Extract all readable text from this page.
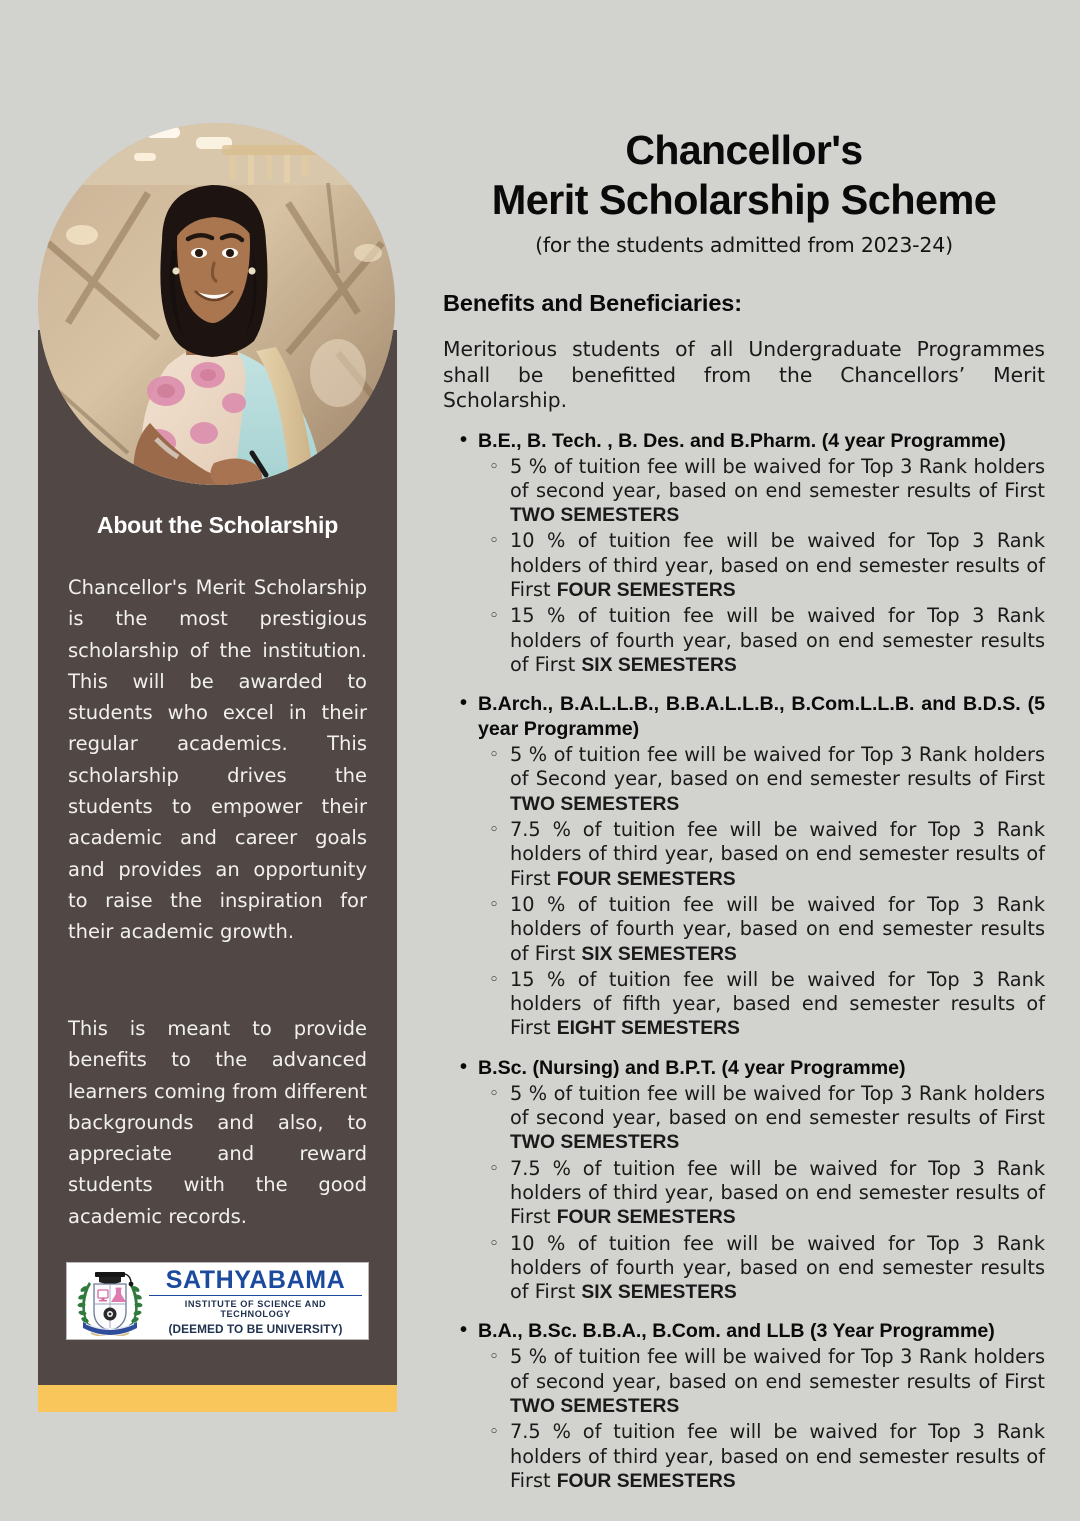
About the Scholarship
Chancellor's Merit Scholarship is the most prestigious scholarship of the institution. This will be awarded to students who excel in their regular academics. This scholarship drives the students to empower their academic and career goals and provides an opportunity to raise the inspiration for their academic growth.
This is meant to provide benefits to the advanced learners coming from different backgrounds and also, to appreciate and reward students with the good academic records.
SATHYABAMA
INSTITUTE OF SCIENCE AND TECHNOLOGY
(DEEMED TO BE UNIVERSITY)
Chancellor's
Merit Scholarship Scheme
(for the students admitted from 2023-24)
Benefits and Beneficiaries:
Meritorious students of all Undergraduate Programmes shall be benefitted from the Chancellors’ Merit Scholarship.
• B.E., B. Tech. , B. Des. and B.Pharm. (4 year Programme)
◦ 5 % of tuition fee will be waived for Top 3 Rank holders of second year, based on end semester results of First TWO SEMESTERS
◦ 10 % of tuition fee will be waived for Top 3 Rank holders of third year, based on end semester results of First FOUR SEMESTERS
◦ 15 % of tuition fee will be waived for Top 3 Rank holders of fourth year, based on end semester results of First SIX SEMESTERS
• B.Arch., B.A.L.L.B., B.B.A.L.L.B., B.Com.L.L.B. and B.D.S. (5 year Programme)
◦ 5 % of tuition fee will be waived for Top 3 Rank holders of Second year, based on end semester results of First TWO SEMESTERS
◦ 7.5 % of tuition fee will be waived for Top 3 Rank holders of third year, based on end semester results of First FOUR SEMESTERS
◦ 10 % of tuition fee will be waived for Top 3 Rank holders of fourth year, based on end semester results of First SIX SEMESTERS
◦ 15 % of tuition fee will be waived for Top 3 Rank holders of fifth year, based end semester results of First EIGHT SEMESTERS
• B.Sc. (Nursing) and B.P.T. (4 year Programme)
◦ 5 % of tuition fee will be waived for Top 3 Rank holders of second year, based on end semester results of First TWO SEMESTERS
◦ 7.5 % of tuition fee will be waived for Top 3 Rank holders of third year, based on end semester results of First FOUR SEMESTERS
◦ 10 % of tuition fee will be waived for Top 3 Rank holders of fourth year, based on end semester results of First SIX SEMESTERS
• B.A., B.Sc. B.B.A., B.Com. and LLB (3 Year Programme)
◦ 5 % of tuition fee will be waived for Top 3 Rank holders of second year, based on end semester results of First TWO SEMESTERS
◦ 7.5 % of tuition fee will be waived for Top 3 Rank holders of third year, based on end semester results of First FOUR SEMESTERS
